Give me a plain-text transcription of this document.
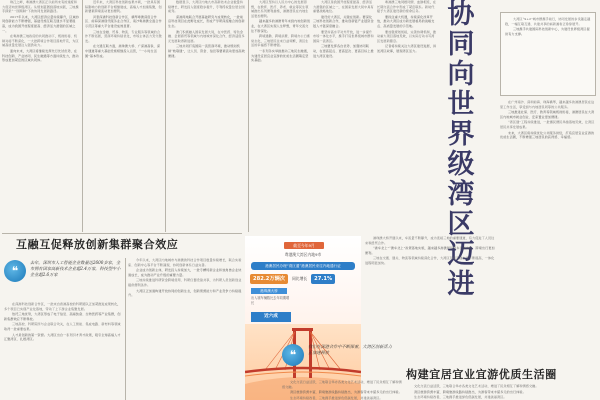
珠江之畔，粤港澳大湾区正以前所未有的速度和力度迈向世界级湾区。从规划蓝图到落地实践，三地携手探索“一国两制”下的协同发展新路径。

2017年以来，大湾区经济总量持续攀升，区域协同创新能力不断增强，基础设施互联互通水平显著提高，成为我国开放程度最高、经济活力最强的区域之一。

在粤港澳三地政府的共同推动下，规则衔接、机制对接不断深化，一大批跨境合作项目落地开花，为区域高质量发展注入强劲动力。

面向未来，大湾区将继续发挥先行先试优势，在科技创新、产业协同、民生融通等方面持续发力，推动形成更加紧密的区域共同体。

近年来，大湾区科技创新成果丰硕，一批具有国际影响力的创新平台相继建成，高端人才加速集聚，创新要素跨境流动更加便利。

河套深港科技创新合作区、横琴粤澳深度合作区、前海深港现代服务业合作区、南沙粤港澳全面合作示范区等重大平台建设成效显著。

三地在金融、贸易、物流、专业服务等领域的合作不断拓展，营商环境持续优化，市场主体活力充分激发。

在交通互联方面，港珠澳大桥、广深港高铁、深中通道等重大基础设施相继投入运营，“一小时生活圈”基本形成。

数据显示，大湾区内地九市高新技术企业数量持续增长，研发投入强度稳步提升，专利授权量位居全国前列。

深港两地联合开展基础研究与成果转化，一批前沿科技项目在此孵化成长，形成产学研深度融合的创新生态。

澳门积极融入国家发展大局，在中医药、特色金融、会展商贸等领域与内地城市深化合作，经济适度多元发展取得新进展。

三地共同打造国际一流营商环境，推动规则机制“软联通”，让人员、资金、信息等要素流动更加高效便捷。

大湾区坚持以人民为中心的发展思想，在教育、医疗、养老、就业等民生领域推出系列便利措施，港澳居民在内地生活更加便利。

越来越多的港澳青年来到内地创新创业，在大湾区实现人生梦想，青年交流交往不断深化。

跨境通勤、跨境消费、跨境办公日渐常态化，三地居民往来日益频繁，湾区生活的幸福感不断增强。

一系列务实举措推动三地民生融通，为建设宜居宜业宜游的优质生活圈奠定坚实基础。

大湾区是我国开放程度最高、经济活力最强的区域之一，在国家发展大局中具有重要战略地位。

建设好大湾区，关键在创新。要深化三地科技创新合作，推动创新链产业链资金链人才链深度融合。

要坚持高水平对外开放，进一步提升市场一体化水平，携手打造世界级城市群和国际一流湾区。

三地要发挥各自优势、加强协同联动，在更高起点、更高层次、更高目标上推进大湾区建设。

粤港澳三地同根同源、血脉相连，在长期交流合作中形成了紧密联系。新时代赋予大湾区建设新的使命任务。

要抓住重大机遇，持续深化改革开放，推动大湾区成为新发展格局的战略支点、高质量发展的示范地。

要加强规划衔接，完善协调机制，推动重大项目落地见效，以实际行动书写湾区发展新篇章。

记者将持续关注大湾区建设进展，讲述湾区故事，展现湾区活力。

协
同
向
世
界
级
湾
区
迈
进

大湾区“9+2”城市群携手前行，协同发展的步伐越走越稳，一幅互联互通、共建共享的崭新画卷正徐徐展开。

三地携手共建国际科技创新中心，为建设世界级湾区提供有力支撑。

在广州南沙、深圳前海、珠海横琴，越来越多的港澳居民在这里工作生活，享受到与内地居民同等的公共服务。

三地推进社保、医疗、教育等领域规则衔接，港澳居民在大湾区内地城市就业创业、安家置业更加便捷。

“湾区通”工程持续推进，一批惠民便民举措落地见效，让湾区居民共享发展成果。

未来，大湾区将持续优化公共服务供给，打造宜居宜业宜游的优质生活圈，不断增强三地居民的获得感、幸福感。

互融互促释放创新集群聚合效应
❝
去年，深圳市人工智能企业数量达2600多家，全市拥有国家高新技术企业超2.4万家，科技型中小企业超2.6万家

在深港科技创新合作区，一批来自香港高校的科研团队正加紧推进成果转化，多个项目已实现产业化落地，带动了上下游企业集聚发展。

依托三地优势，大湾区形成了电子信息、高端装备、生物医药等产业集群，创新集群效应不断释放。

三地高校、科研院所与企业联合攻关，在人工智能、集成电路、新材料等领域取得一批重要成果。

人才是创新的第一资源。大湾区出台一系列引才育才政策，吸引全球高端人才汇聚湾区、扎根湾区。

今年以来，大湾区内地城市与港澳的科技合作项目数量持续增长，联合实验室、创新中心等平台不断涌现，协同创新体系日益完善。

企业成为创新主体，研发投入持续加大，一批专精特新企业和独角兽企业快速成长，成为推动产业升级的重要力量。

三地持续推进科研资金跨境使用、科研仪器设备共享，为科研人员创新创业提供便利条件。

大湾区正加速构建开放协同的创新生态，创新策源能力和产业竞争力持续提升。

截至今年9月
粤港澳大湾区内地9市
港澳居民办理“湾区通”港澳居民来往内地通行证
282.2万辆次	同比增长	27.1%
港珠澳大桥
出入境车辆数比去年同期增长
近六成

港珠澳大桥开通以来，车流量不断攀升，成为连接三地的重要通道，有力促进了人员往来和经贸合作。

“港车北上”“澳车北上”政策落地实施，越来越多港澳居民驾车往来内地，跨境出行更加便利。

三地在交通、通关、物流等领域持续深化合作，大湾区互联互通水平不断提高，一体化进程明显加快。

❝
我们在深港合作中不断探索，大湾区创新活力正加速释放

文化交流日益活跃，三地联合举办各类文化艺术活动，增进了民众相互了解和情感交融。

湾区旅游资源丰富，跨境旅游线路持续推出，为游客带来丰富多元的出行体验。

生态环境持续改善，三地携手推进绿色低碳发展，共建美丽湾区。

构建宜居宜业宜游优质生活圈

文化交流日益活跃，三地联合举办各类文化艺术活动，增进了民众相互了解和情感交融。

湾区旅游资源丰富，跨境旅游线路持续推出，为游客带来丰富多元的出行体验。

生态环境持续改善，三地携手推进绿色低碳发展，共建美丽湾区。
